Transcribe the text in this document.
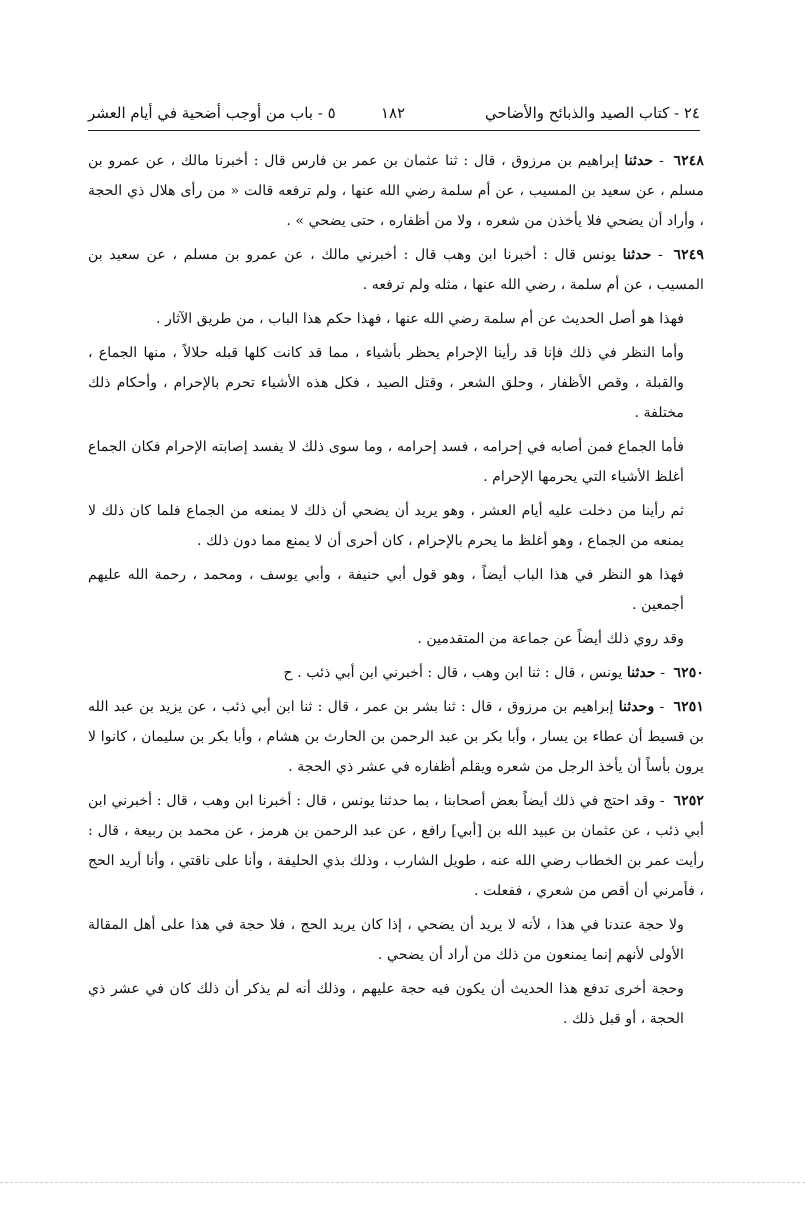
٢٤ - كتاب الصيد والذبائح والأضاحي
١٨٢
٥ - باب من أوجب أضحية في أيام العشر

٦٢٤٨ - حدثنا إبراهيم بن مرزوق ، قال : ثنا عثمان بن عمر بن فارس قال : أخبرنا مالك ، عن عمرو بن مسلم ، عن سعيد بن المسيب ، عن أم سلمة رضي الله عنها ، ولم ترفعه قالت « من رأى هلال ذي الحجة ، وأراد أن يضحي فلا يأخذن من شعره ، ولا من أظفاره ، حتى يضحي » .

٦٢٤٩ - حدثنا يونس قال : أخبرنا ابن وهب قال : أخبرني مالك ، عن عمرو بن مسلم ، عن سعيد بن المسيب ، عن أم سلمة ، رضي الله عنها ، مثله ولم ترفعه .

فهذا هو أصل الحديث عن أم سلمة رضي الله عنها ، فهذا حكم هذا الباب ، من طريق الآثار .

وأما النظر في ذلك فإنا قد رأينا الإحرام يحظر بأشياء ، مما قد كانت كلها قبله حلالاً ، منها الجماع ، والقبلة ، وقص الأظفار ، وحلق الشعر ، وقتل الصيد ، فكل هذه الأشياء تحرم بالإحرام ، وأحكام ذلك مختلفة .

فأما الجماع فمن أصابه في إحرامه ، فسد إحرامه ، وما سوى ذلك لا يفسد إصابته الإحرام فكان الجماع أغلظ الأشياء التي يحرمها الإحرام .

ثم رأينا من دخلت عليه أيام العشر ، وهو يريد أن يضحي أن ذلك لا يمنعه من الجماع فلما كان ذلك لا يمنعه من الجماع ، وهو أغلظ ما يحرم بالإحرام ، كان أحرى أن لا يمنع مما دون ذلك .

فهذا هو النظر في هذا الباب أيضاً ، وهو قول أبي حنيفة ، وأبي يوسف ، ومحمد ، رحمة الله عليهم أجمعين .

وقد روي ذلك أيضاً عن جماعة من المتقدمين .

٦٢٥٠ - حدثنا يونس ، قال : ثنا ابن وهب ، قال : أخبرني ابن أبي ذئب . ح

٦٢٥١ - وحدثنا إبراهيم بن مرزوق ، قال : ثنا بشر بن عمر ، قال : ثنا ابن أبي ذئب ، عن يزيد بن عبد الله بن قسيط أن عطاء بن يسار ، وأبا بكر بن عبد الرحمن بن الحارث بن هشام ، وأبا بكر بن سليمان ، كانوا لا يرون بأساً أن يأخذ الرجل من شعره ويقلم أظفاره في عشر ذي الحجة .

٦٢٥٢ - وقد احتج في ذلك أيضاً بعض أصحابنا ، بما حدثنا يونس ، قال : أخبرنا ابن وهب ، قال : أخبرني ابن أبي ذئب ، عن عثمان بن عبيد الله بن [أبي] رافع ، عن عبد الرحمن بن هرمز ، عن محمد بن ربيعة ، قال : رأيت عمر بن الخطاب رضي الله عنه ، طويل الشارب ، وذلك بذي الحليفة ، وأنا على ناقتي ، وأنا أريد الحج ، فأمرني أن أقص من شعري ، ففعلت .

ولا حجة عندنا في هذا ، لأنه لا يريد أن يضحي ، إذا كان يريد الحج ، فلا حجة في هذا على أهل المقالة الأولى لأنهم إنما يمنعون من ذلك من أراد أن يضحي .

وحجة أخرى تدفع هذا الحديث أن يكون فيه حجة عليهم ، وذلك أنه لم يذكر أن ذلك كان في عشر ذي الحجة ، أو قبل ذلك .
